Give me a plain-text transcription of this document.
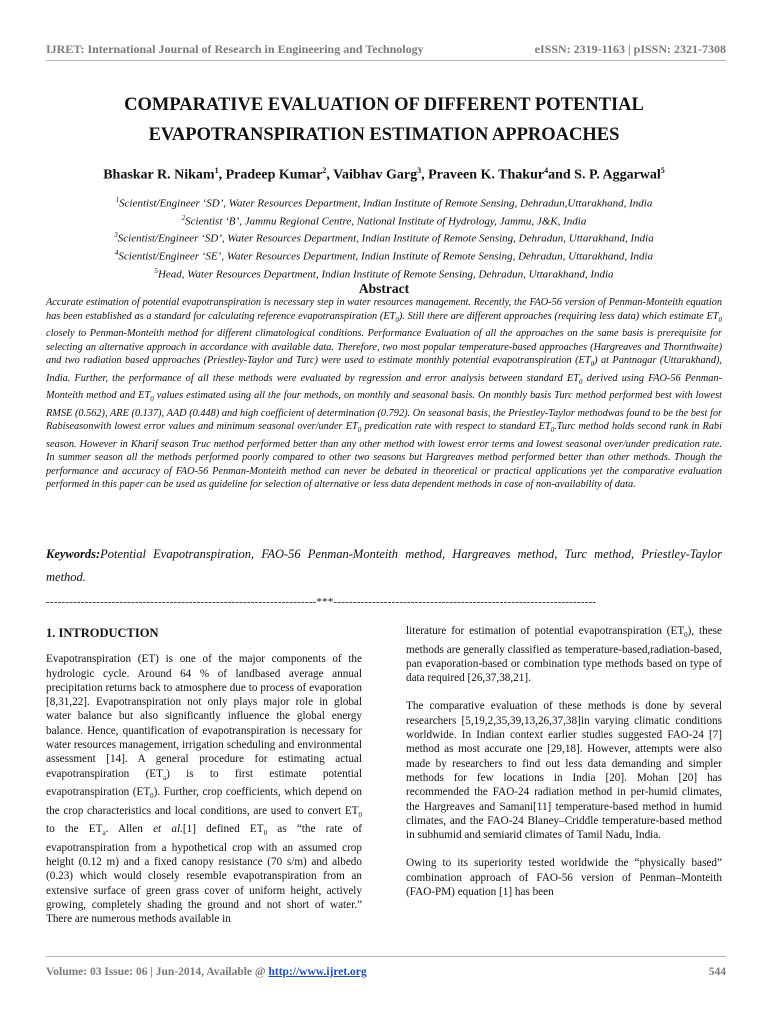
IJRET: International Journal of Research in Engineering and Technology	eISSN: 2319-1163 | pISSN: 2321-7308
COMPARATIVE EVALUATION OF DIFFERENT POTENTIAL
EVAPOTRANSPIRATION ESTIMATION APPROACHES
Bhaskar R. Nikam$^1$, Pradeep Kumar$^2$, Vaibhav Garg$^3$, Praveen K. Thakur$^4$and S. P. Aggarwal$^5$
$^1$Scientist/Engineer ‘SD’, Water Resources Department, Indian Institute of Remote Sensing, Dehradun,Uttarakhand, India
$^2$Scientist ‘B’, Jammu Regional Centre, National Institute of Hydrology, Jammu, J&K, India
$^3$Scientist/Engineer ‘SD’, Water Resources Department, Indian Institute of Remote Sensing, Dehradun, Uttarakhand, India
$^4$Scientist/Engineer ‘SE’, Water Resources Department, Indian Institute of Remote Sensing, Dehradun, Uttarakhand, India
$^5$Head, Water Resources Department, Indian Institute of Remote Sensing, Dehradun, Uttarakhand, India
Abstract
Accurate estimation of potential evapotranspiration is necessary step in water resources management. Recently, the FAO-56 version of Penman-Monteith equation has been established as a standard for calculating reference evapotranspiration $(ET_0)$. Still there are different approaches (requiring less data) which estimate $ET_0$ closely to Penman-Monteith method for different climatological conditions. Performance Evaluation of all the approaches on the same basis is prerequisite for selecting an alternative approach in accordance with available data. Therefore, two most popular temperature-based approaches (Hargreaves and Thornthwaite) and two radiation based approaches (Priestley-Taylor and Turc) were used to estimate monthly potential evapotranspiration $(ET_0)$ at Pantnagar (Uttarakhand), India. Further, the performance of all these methods were evaluated by regression and error analysis between standard $ET_0$ derived using FAO-56 Penman-Monteith method and $ET_0$ values estimated using all the four methods, on monthly and seasonal basis. On monthly basis Turc method performed best with lowest RMSE (0.562), ARE (0.137), AAD (0.448) and high coefficient of determination (0.792). On seasonal basis, the Priestley-Taylor methodwas found to be the best for Rabiseasonwith lowest error values and minimum seasonal over/under $ET_0$ predication rate with respect to standard $ET_0.Turc$ method holds second rank in Rabi season. However in Kharif season Truc method performed better than any other method with lowest error terms and lowest seasonal over/under predication rate. In summer season all the methods performed poorly compared to other two seasons but Hargreaves method performed better than other methods. Though the performance and accuracy of FAO-56 Penman-Monteith method can never be debated in theoretical or practical applications yet the comparative evaluation performed in this paper can be used as guideline for selection of alternative or less data dependent methods in case of non-availability of data.
Keywords:Potential Evapotranspiration, FAO-56 Penman-Monteith method, Hargreaves method, Turc method, Priestley-Taylor method.
----------------------------------------------------------------------***--------------------------------------------------------------------
1. INTRODUCTION

Evapotranspiration (ET) is one of the major components of the hydrologic cycle. Around 64 % of landbased average annual precipitation returns back to atmosphere due to process of evaporation [8,31,22]. Evapotranspiration not only plays major role in global water balance but also significantly influence the global energy balance. Hence, quantification of evapotranspiration is necessary for water resources management, irrigation scheduling and environmental assessment [14]. A general procedure for estimating actual evapotranspiration $(ET_a)$ is to first estimate potential evapotranspiration $(ET_0)$. Further, crop coefficients, which depend on the crop characteristics and local conditions, are used to convert $ET_0$ to the $ET_a$. Allen et al.[1] defined $ET_0$ as “the rate of evapotranspiration from a hypothetical crop with an assumed crop height (0.12 m) and a fixed canopy resistance (70 s/m) and albedo (0.23) which would closely resemble evapotranspiration from an extensive surface of green grass cover of uniform height, actively growing, completely shading the ground and not short of water.” There are numerous methods available in

literature for estimation of potential evapotranspiration $(ET_0)$, these methods are generally classified as temperature-based,radiation-based, pan evaporation-based or combination type methods based on type of data required [26,37,38,21].

The comparative evaluation of these methods is done by several researchers [5,19,2,35,39,13,26,37,38]in varying climatic conditions worldwide. In Indian context earlier studies suggested FAO-24 [7] method as most accurate one [29,18]. However, attempts were also made by researchers to find out less data demanding and simpler methods for few locations in India [20]. Mohan [20] has recommended the FAO-24 radiation method in per-humid climates, the Hargreaves and Samani[11] temperature-based method in humid climates, and the FAO-24 Blaney–Criddle temperature-based method in subhumid and semiarid climates of Tamil Nadu, India.

Owing to its superiority tested worldwide the “physically based” combination approach of FAO-56 version of Penman–Monteith (FAO-PM) equation [1] has been

Volume: 03 Issue: 06 | Jun-2014, Available @ http://www.ijret.org	544
